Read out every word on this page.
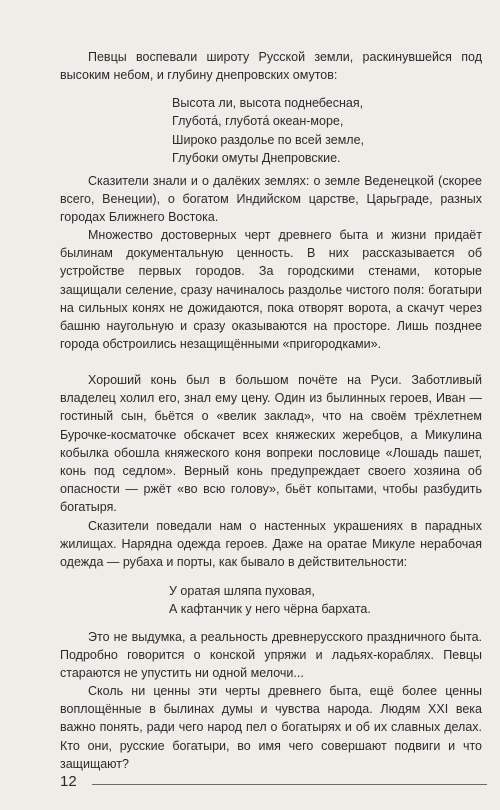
Певцы воспевали широту Русской земли, раскинувшейся под высоким небом, и глубину днепровских омутов:

Высота ли, высота поднебесная,
Глубота́, глубота́ океан-море,
Широко раздолье по всей земле,
Глубоки омуты Днепровские.

Сказители знали и о далёких землях: о земле Веденецкой (скорее всего, Венеции), о богатом Индийском царстве, Царьграде, разных городах Ближнего Востока.

Множество достоверных черт древнего быта и жизни придаёт былинам документальную ценность. В них рассказывается об устройстве первых городов. За городскими стенами, которые защищали селение, сразу начиналось раздолье чистого поля: богатыри на сильных конях не дожидаются, пока отворят ворота, а скачут через башню наугольную и сразу оказываются на просторе. Лишь позднее города обстроились незащищёнными «пригородками».

Хороший конь был в большом почёте на Руси. Заботливый владелец холил его, знал ему цену. Один из былинных героев, Иван — гостиный сын, бьётся о «велик заклад», что на своём трёхлетнем Бурочке-косматочке обскачет всех княжеских жеребцов, а Микулина кобылка обошла княжеского коня вопреки пословице «Лошадь пашет, конь под седлом». Верный конь предупреждает своего хозяина об опасности — ржёт «во всю голову», бьёт копытами, чтобы разбудить богатыря.

Сказители поведали нам о настенных украшениях в парадных жилищах. Нарядна одежда героев. Даже на оратае Микуле нерабочая одежда — рубаха и порты, как бывало в действительности:

У оратая шляпа пуховая,
А кафтанчик у него чёрна бархата.

Это не выдумка, а реальность древнерусского праздничного быта. Подробно говорится о конской упряжи и ладьях-кораблях. Певцы стараются не упустить ни одной мелочи...

Сколь ни ценны эти черты древнего быта, ещё более ценны воплощённые в былинах думы и чувства народа. Людям XXI века важно понять, ради чего народ пел о богатырях и об их славных делах. Кто они, русские богатыри, во имя чего совершают подвиги и что защищают?

12
